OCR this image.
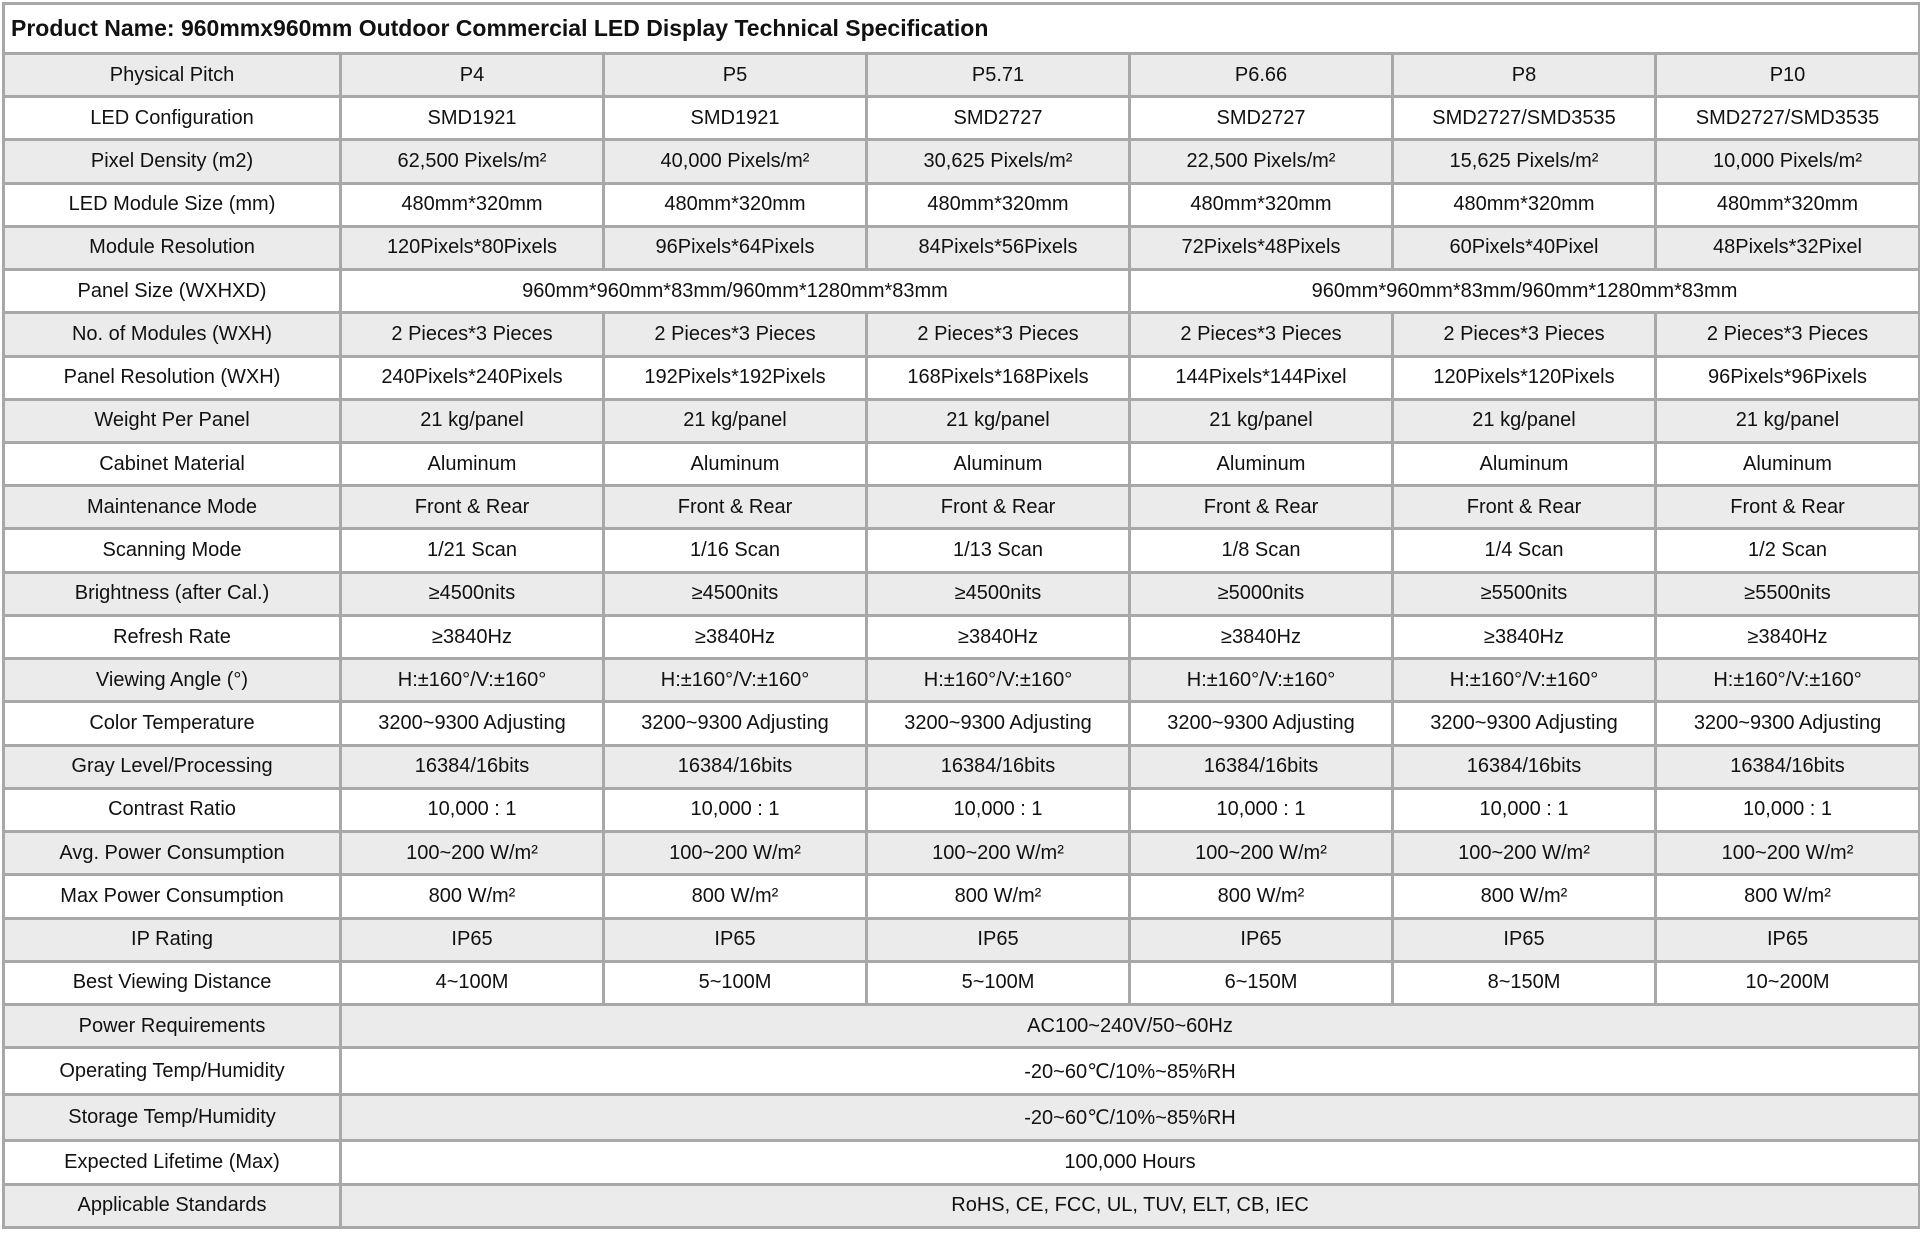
Product Name: 960mmx960mm Outdoor Commercial LED Display Technical Specification						
Physical Pitch	P4	P5	P5.71	P6.66	P8	P10
LED Configuration	SMD1921	SMD1921	SMD2727	SMD2727	SMD2727/SMD3535	SMD2727/SMD3535
Pixel Density (m2)	62,500 Pixels/m²	40,000 Pixels/m²	30,625 Pixels/m²	22,500 Pixels/m²	15,625 Pixels/m²	10,000 Pixels/m²
LED Module Size (mm)	480mm*320mm	480mm*320mm	480mm*320mm	480mm*320mm	480mm*320mm	480mm*320mm
Module Resolution	120Pixels*80Pixels	96Pixels*64Pixels	84Pixels*56Pixels	72Pixels*48Pixels	60Pixels*40Pixel	48Pixels*32Pixel
Panel Size (WXHXD)	960mm*960mm*83mm/960mm*1280mm*83mm			960mm*960mm*83mm/960mm*1280mm*83mm		
No. of Modules (WXH)	2 Pieces*3 Pieces	2 Pieces*3 Pieces	2 Pieces*3 Pieces	2 Pieces*3 Pieces	2 Pieces*3 Pieces	2 Pieces*3 Pieces
Panel Resolution (WXH)	240Pixels*240Pixels	192Pixels*192Pixels	168Pixels*168Pixels	144Pixels*144Pixel	120Pixels*120Pixels	96Pixels*96Pixels
Weight Per Panel	21 kg/panel	21 kg/panel	21 kg/panel	21 kg/panel	21 kg/panel	21 kg/panel
Cabinet Material	Aluminum	Aluminum	Aluminum	Aluminum	Aluminum	Aluminum
Maintenance Mode	Front & Rear	Front & Rear	Front & Rear	Front & Rear	Front & Rear	Front & Rear
Scanning Mode	1/21 Scan	1/16 Scan	1/13 Scan	1/8 Scan	1/4 Scan	1/2 Scan
Brightness (after Cal.)	≥4500nits	≥4500nits	≥4500nits	≥5000nits	≥5500nits	≥5500nits
Refresh Rate	≥3840Hz	≥3840Hz	≥3840Hz	≥3840Hz	≥3840Hz	≥3840Hz
Viewing Angle (°)	H:±160°/V:±160°	H:±160°/V:±160°	H:±160°/V:±160°	H:±160°/V:±160°	H:±160°/V:±160°	H:±160°/V:±160°
Color Temperature	3200~9300 Adjusting	3200~9300 Adjusting	3200~9300 Adjusting	3200~9300 Adjusting	3200~9300 Adjusting	3200~9300 Adjusting
Gray Level/Processing	16384/16bits	16384/16bits	16384/16bits	16384/16bits	16384/16bits	16384/16bits
Contrast Ratio	10,000 : 1	10,000 : 1	10,000 : 1	10,000 : 1	10,000 : 1	10,000 : 1
Avg. Power Consumption	100~200 W/m²	100~200 W/m²	100~200 W/m²	100~200 W/m²	100~200 W/m²	100~200 W/m²
Max Power Consumption	800 W/m²	800 W/m²	800 W/m²	800 W/m²	800 W/m²	800 W/m²
IP Rating	IP65	IP65	IP65	IP65	IP65	IP65
Best Viewing Distance	4~100M	5~100M	5~100M	6~150M	8~150M	10~200M
Power Requirements	AC100~240V/50~60Hz					
Operating Temp/Humidity	-20~60℃/10%~85%RH					
Storage Temp/Humidity	-20~60℃/10%~85%RH					
Expected Lifetime (Max)	100,000 Hours					
Applicable Standards	RoHS, CE, FCC, UL, TUV, ELT, CB, IEC					
